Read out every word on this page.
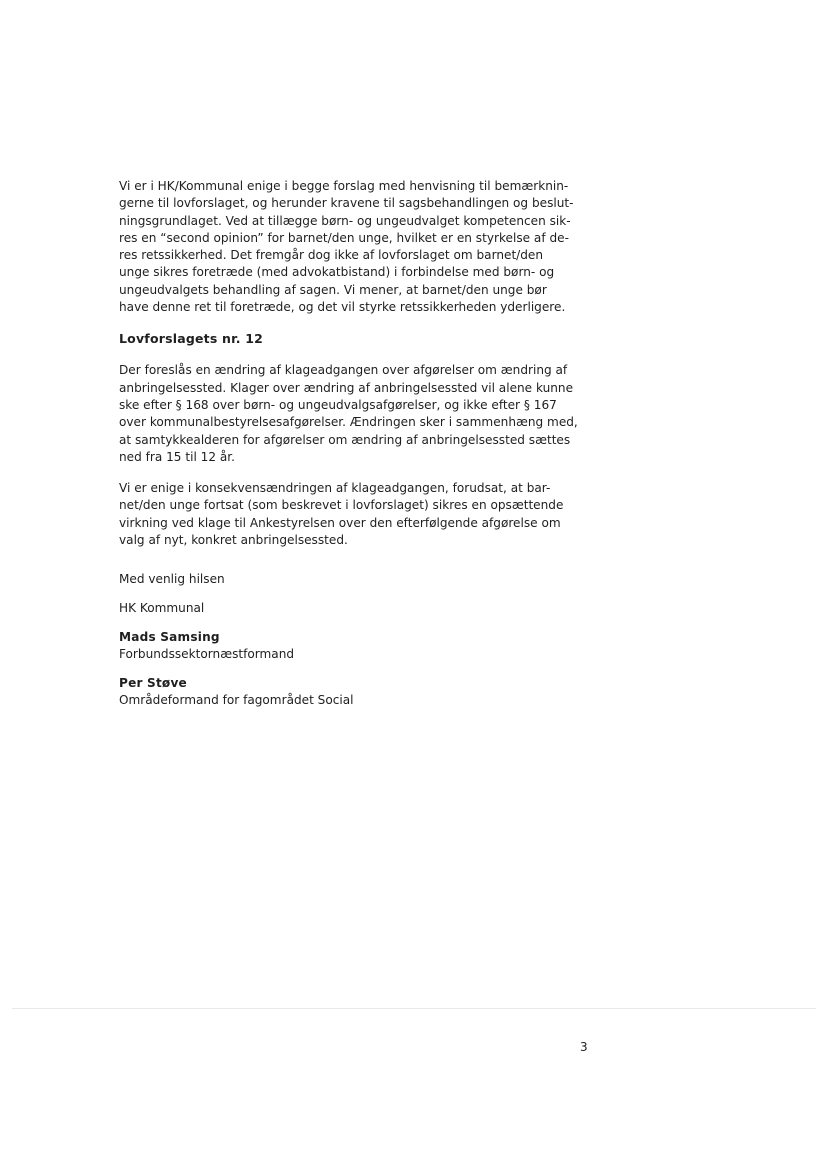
Vi er i HK/Kommunal enige i begge forslag med henvisning til bemærknin-
gerne til lovforslaget, og herunder kravene til sagsbehandlingen og beslut-
ningsgrundlaget. Ved at tillægge børn- og ungeudvalget kompetencen sik-
res en “second opinion” for barnet/den unge, hvilket er en styrkelse af de-
res retssikkerhed. Det fremgår dog ikke af lovforslaget om barnet/den
unge sikres foretræde (med advokatbistand) i forbindelse med børn- og
ungeudvalgets behandling af sagen. Vi mener, at barnet/den unge bør
have denne ret til foretræde, og det vil styrke retssikkerheden yderligere.
Lovforslagets nr. 12
Der foreslås en ændring af klageadgangen over afgørelser om ændring af
anbringelsessted. Klager over ændring af anbringelsessted vil alene kunne
ske efter § 168 over børn- og ungeudvalgsafgørelser, og ikke efter § 167
over kommunalbestyrelsesafgørelser. Ændringen sker i sammenhæng med,
at samtykkealderen for afgørelser om ændring af anbringelsessted sættes
ned fra 15 til 12 år.
Vi er enige i konsekvensændringen af klageadgangen, forudsat, at bar-
net/den unge fortsat (som beskrevet i lovforslaget) sikres en opsættende
virkning ved klage til Ankestyrelsen over den efterfølgende afgørelse om
valg af nyt, konkret anbringelsessted.
Med venlig hilsen
HK Kommunal
Mads Samsing
Forbundssektornæstformand
Per Støve
Områdeformand for fagområdet Social
3
